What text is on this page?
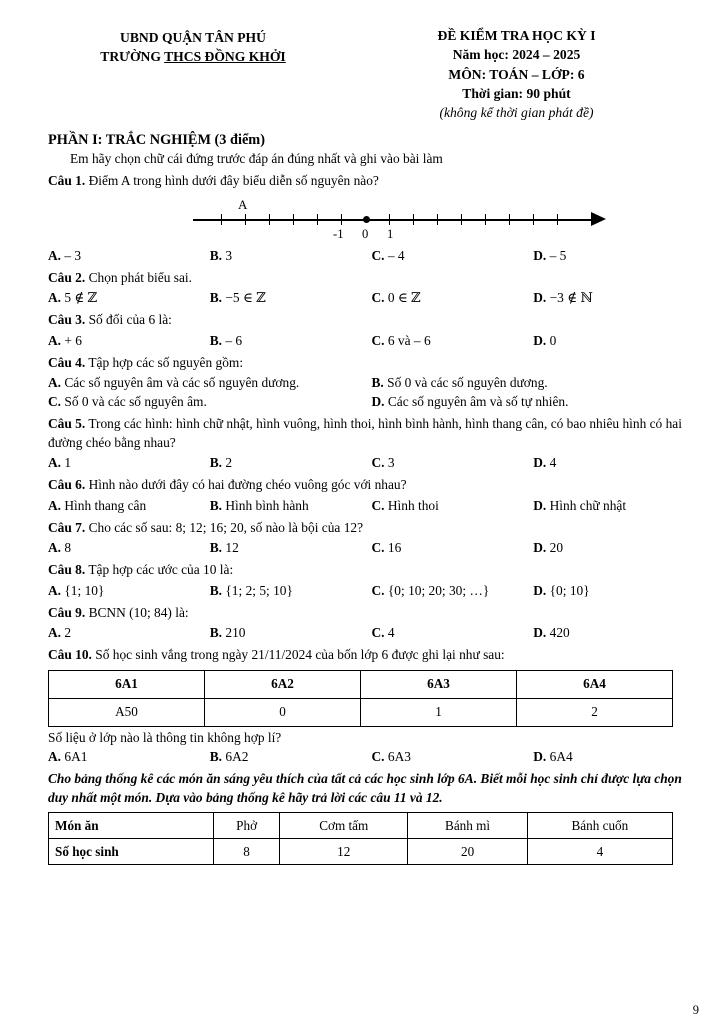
UBND QUẬN TÂN PHÚ
TRƯỜNG THCS ĐỒNG KHỞI
ĐỀ KIỂM TRA HỌC KỲ I
Năm học: 2024 – 2025
MÔN: TOÁN – LỚP: 6
Thời gian: 90 phút
(không kể thời gian phát đề)
PHẦN I: TRẮC NGHIỆM (3 điểm)
Em hãy chọn chữ cái đứng trước đáp án đúng nhất và ghi vào bài làm
Câu 1. Điểm A trong hình dưới đây biểu diễn số nguyên nào?
A
-1 0 1
A. – 3	B. 3	C. – 4	D. – 5
Câu 2. Chọn phát biểu sai.
A. 5 ∉ ℤ	B. −5 ∈ ℤ	C. 0 ∈ ℤ	D. −3 ∉ ℕ
Câu 3. Số đối của 6 là:
A. + 6	B. – 6	C. 6 và – 6	D. 0
Câu 4. Tập hợp các số nguyên gồm:
A. Các số nguyên âm và các số nguyên dương.	B. Số 0 và các số nguyên dương.
C. Số 0 và các số nguyên âm.	D. Các số nguyên âm và số tự nhiên.
Câu 5. Trong các hình: hình chữ nhật, hình vuông, hình thoi, hình bình hành, hình thang cân, có bao nhiêu hình có hai đường chéo bằng nhau?
A. 1	B. 2	C. 3	D. 4
Câu 6. Hình nào dưới đây có hai đường chéo vuông góc với nhau?
A. Hình thang cân	B. Hình bình hành	C. Hình thoi	D. Hình chữ nhật
Câu 7. Cho các số sau: 8; 12; 16; 20, số nào là bội của 12?
A. 8	B. 12	C. 16	D. 20
Câu 8. Tập hợp các ước của 10 là:
A. {1; 10}	B. {1; 2; 5; 10}	C. {0; 10; 20; 30; …}	D. {0; 10}
Câu 9. BCNN (10; 84) là:
A. 2	B. 210	C. 4	D. 420
Câu 10. Số học sinh vắng trong ngày 21/11/2024 của bốn lớp 6 được ghi lại như sau:
6A1	6A2	6A3	6A4
A50	0	1	2
Số liệu ở lớp nào là thông tin không hợp lí?
A. 6A1	B. 6A2	C. 6A3	D. 6A4
Cho bảng thống kê các món ăn sáng yêu thích của tất cả các học sinh lớp 6A. Biết mỗi học sinh chỉ được lựa chọn duy nhất một món. Dựa vào bảng thống kê hãy trả lời các câu 11 và 12.
Món ăn	Phở	Cơm tấm	Bánh mì	Bánh cuốn
Số học sinh	8	12	20	4
9
